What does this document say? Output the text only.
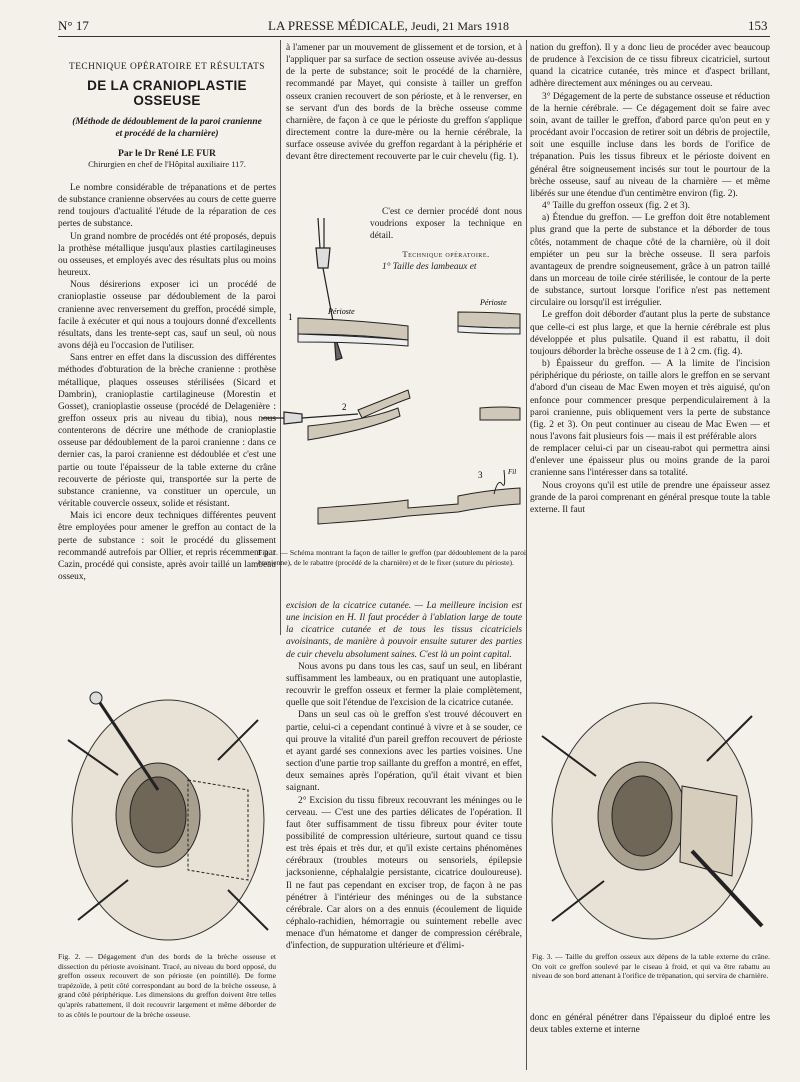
N° 17	LA PRESSE MÉDICALE, Jeudi, 21 Mars 1918	153
TECHNIQUE OPÉRATOIRE ET RÉSULTATS
DE LA CRANIOPLASTIE OSSEUSE
(Méthode de dédoublement de la paroi cranienne
et procédé de la charnière)
Par le Dr René LE FUR
Chirurgien en chef de l'Hôpital auxiliaire 117.

Le nombre considérable de trépanations et de pertes de substance cranienne observées au cours de cette guerre rend toujours d'actualité l'étude de la réparation de ces pertes de substance.

Un grand nombre de procédés ont été proposés, depuis la prothèse métallique jusqu'aux plasties cartilagineuses ou osseuses, et employés avec des résultats plus ou moins heureux.

Nous désirerions exposer ici un procédé de cranioplastie osseuse par dédoublement de la paroi cranienne avec renversement du greffon, procédé simple, facile à exécuter et qui nous a toujours donné d'excellents résultats, dans les trente-sept cas, sauf un seul, où nous avons déjà eu l'occasion de l'utiliser.

Sans entrer en effet dans la discussion des différentes méthodes d'obturation de la brèche cranienne : prothèse métallique, plaques osseuses stérilisées (Sicard et Dambrin), cranioplastie cartilagineuse (Morestin et Gosset), cranioplastie osseuse (procédé de Delagenière : greffon osseux pris au niveau du tibia), nous nous contenterons de décrire une méthode de cranioplastie osseuse par dédoublement de la paroi cranienne : dans ce dernier cas, la paroi cranienne est dédoublée et c'est une partie ou toute l'épaisseur de la table externe du crâne recouverte de périoste qui, transportée sur la perte de substance cranienne, va constituer un opercule, un véritable couvercle osseux, solide et résistant.

Mais ici encore deux techniques différentes peuvent être employées pour amener le greffon au contact de la perte de substance : soit le procédé du glissement recommandé autrefois par Ollier, et repris récemment par Cazin, procédé qui consiste, après avoir taillé un lambeau osseux,

à l'amener par un mouvement de glissement et de torsion, et à l'appliquer par sa surface de section osseuse avivée au-dessus de la perte de substance; soit le procédé de la charnière, recommandé par Mayet, qui consiste à tailler un greffon osseux cranien recouvert de son périoste, et à le renverser, en se servant d'un des bords de la brèche osseuse comme charnière, de façon à ce que le périoste du greffon s'applique directement contre la dure-mère ou la hernie cérébrale, la surface osseuse avivée du greffon regardant à la périphérie et devant être directement recouverte par le cuir chevelu (fig. 1).

C'est ce dernier procédé dont nous voudrions exposer la technique en détail.

Technique opératoire.

1° Taille des lambeaux et

Périoste
Périoste
1
2
3	Fil

Fig. 1. — Schéma montrant la façon de tailler le greffon (par dédoublement de la paroi cranienne), de le rabattre (procédé de la charnière) et de le fixer (suture du périoste).

excision de la cicatrice cutanée. — La meilleure incision est une incision en H. Il faut procéder à l'ablation large de toute la cicatrice cutanée et de tous les tissus cicatriciels avoisinants, de manière à pouvoir ensuite suturer des parties de cuir chevelu absolument saines. C'est là un point capital.

Nous avons pu dans tous les cas, sauf un seul, en libérant suffisamment les lambeaux, ou en pratiquant une autoplastie, recouvrir le greffon osseux et fermer la plaie complètement, quelle que soit l'étendue de l'excision de la cicatrice cutanée.

Dans un seul cas où le greffon s'est trouvé découvert en partie, celui-ci a cependant continué à vivre et à se souder, ce qui prouve la vitalité d'un pareil greffon recouvert de périoste et ayant gardé ses connexions avec les parties voisines. Une section d'une partie trop saillante du greffon a montré, en effet, deux semaines après l'opération, qu'il était vivant et bien saignant.

2° Excision du tissu fibreux recouvrant les méninges ou le cerveau. — C'est une des parties délicates de l'opération. Il faut ôter suffisamment de tissu fibreux pour éviter toute possibilité de compression ultérieure, surtout quand ce tissu est très épais et très dur, et qu'il existe certains phénomènes cérébraux (troubles moteurs ou sensoriels, épilepsie jacksonienne, céphalalgie persistante, cicatrice douloureuse). Il ne faut pas cependant en exciser trop, de façon à ne pas pénétrer à l'intérieur des méninges ou de la substance cérébrale. Car alors on a des ennuis (écoulement de liquide céphalo-rachidien, hémorragie ou suintement rebelle avec menace d'un hématome et danger de compression cérébrale, d'infection, de suppuration ultérieure et d'élimi-

nation du greffon). Il y a donc lieu de procéder avec beaucoup de prudence à l'excision de ce tissu fibreux cicatriciel, surtout quand la cicatrice cutanée, très mince et d'aspect brillant, adhère directement aux méninges ou au cerveau.

3° Dégagement de la perte de substance osseuse et réduction de la hernie cérébrale. — Ce dégagement doit se faire avec soin, avant de tailler le greffon, d'abord parce qu'on peut en y procédant avoir l'occasion de retirer soit un débris de projectile, soit une esquille incluse dans les bords de l'orifice de trépanation. Puis les tissus fibreux et le périoste doivent en général être soigneusement incisés sur tout le pourtour de la brèche osseuse, sauf au niveau de la charnière — et même libérés sur une étendue d'un centimètre environ (fig. 2).

4° Taille du greffon osseux (fig. 2 et 3).

a) Étendue du greffon. — Le greffon doit être notablement plus grand que la perte de substance et la déborder de tous côtés, notamment de chaque côté de la charnière, où il doit empiéter un peu sur la brèche osseuse. Il sera parfois avantageux de prendre soigneusement, grâce à un patron taillé dans un morceau de toile cirée stérilisée, le contour de la perte de substance, surtout lorsque l'orifice n'est pas nettement circulaire ou lorsqu'il est irrégulier.

Le greffon doit déborder d'autant plus la perte de substance que celle-ci est plus large, et que la hernie cérébrale est plus développée et plus pulsatile. Quand il est rabattu, il doit toujours déborder la brèche osseuse de 1 à 2 cm. (fig. 4).

b) Épaisseur du greffon. — A la limite de l'incision périphérique du périoste, on taille alors le greffon en se servant d'abord d'un ciseau de Mac Ewen moyen et très aiguisé, qu'on enfonce pour commencer presque perpendiculairement à la paroi cranienne, puis obliquement vers la perte de substance (fig. 2 et 3). On peut continuer au ciseau de Mac Ewen — et nous l'avons fait plusieurs fois — mais il est préférable alors

de remplacer celui-ci par un ciseau-rabot qui permettra ainsi d'enlever une épaisseur plus ou moins grande de la paroi cranienne sans l'intéresser dans sa totalité.

Nous croyons qu'il est utile de prendre une épaisseur assez grande de la paroi comprenant en général presque toute la table externe. Il faut

Fig. 2. — Dégagement d'un des bords de la brèche osseuse et dissection du périoste avoisinant. Tracé, au niveau du bord opposé, du greffon osseux recouvert de son périoste (en pointillé). De forme trapézoïde, à petit côté correspondant au bord de la brèche osseuse, à grand côté périphérique. Les dimensions du greffon doivent être telles qu'après rabattement, il doit recouvrir largement et même déborder de to as côtés le pourtour de la brèche osseuse.

Fig. 3. — Taille du greffon osseux aux dépens de la table externe du crâne. On voit ce greffon soulevé par le ciseau à froid, et qui va être rabattu au niveau de son bord attenant à l'orifice de trépanation, qui servira de charnière.

donc en général pénétrer dans l'épaisseur du diploé entre les deux tables externe et interne
